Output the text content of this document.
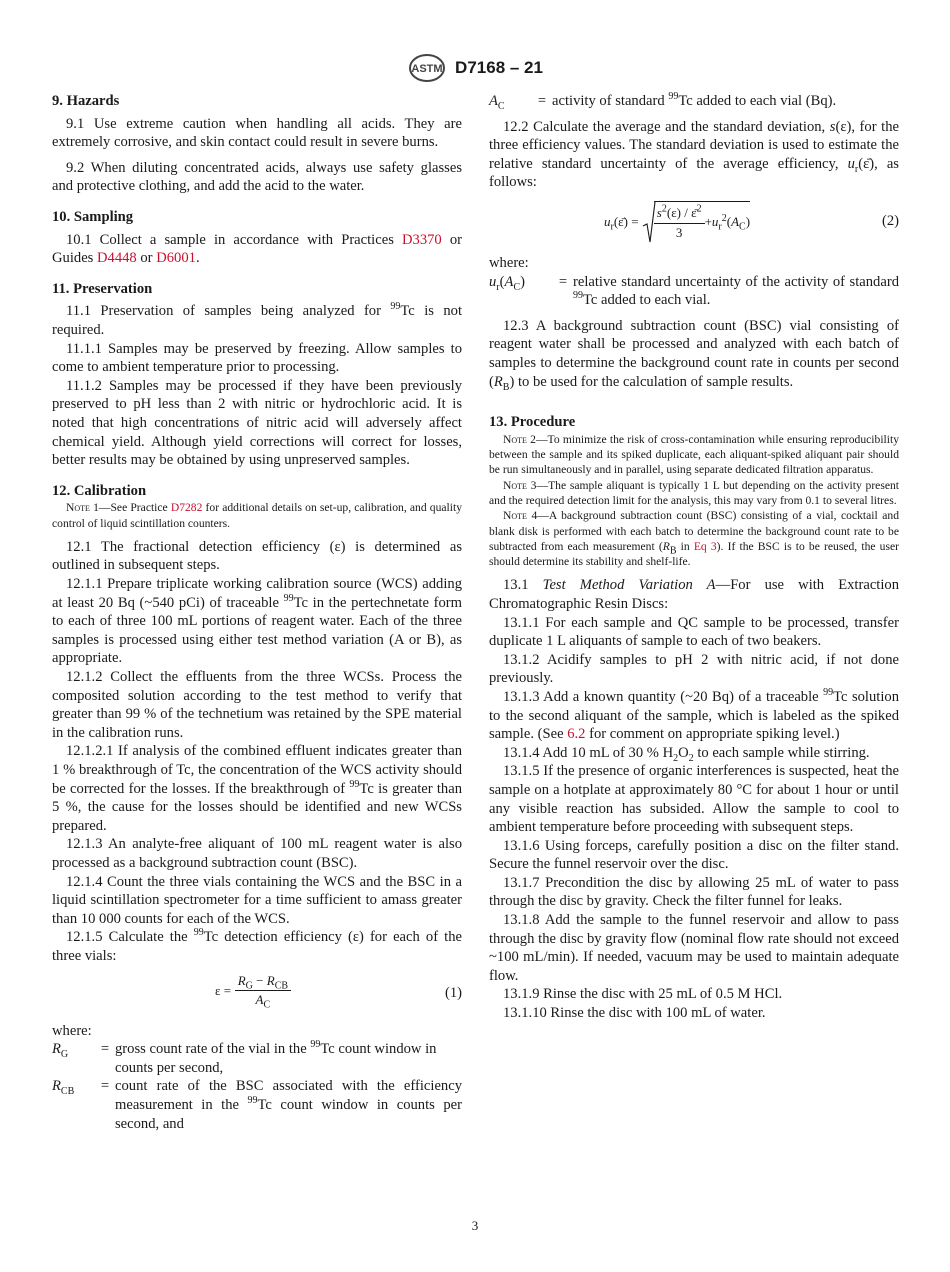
ASTM D7168 – 21

9. Hazards

9.1 Use extreme caution when handling all acids. They are extremely corrosive, and skin contact could result in severe burns.

9.2 When diluting concentrated acids, always use safety glasses and protective clothing, and add the acid to the water.

10. Sampling

10.1 Collect a sample in accordance with Practices D3370 or Guides D4448 or D6001.

11. Preservation

11.1 Preservation of samples being analyzed for $^{99}$Tc is not required.

11.1.1 Samples may be preserved by freezing. Allow samples to come to ambient temperature prior to processing.

11.1.2 Samples may be processed if they have been previously preserved to pH less than 2 with nitric or hydrochloric acid. It is noted that high concentrations of nitric acid will adversely affect chemical yield. Although yield corrections will correct for losses, better results may be obtained by using unpreserved samples.

12. Calibration

Note 1—See Practice D7282 for additional details on set-up, calibration, and quality control of liquid scintillation counters.

12.1 The fractional detection efficiency (ε) is determined as outlined in subsequent steps.

12.1.1 Prepare triplicate working calibration source (WCS) adding at least 20 Bq (~540 pCi) of traceable $^{99}$Tc in the pertechnetate form to each of three 100 mL portions of reagent water. Each of the three samples is processed using either test method variation (A or B), as appropriate.

12.1.2 Collect the effluents from the three WCSs. Process the composited solution according to the test method to verify that greater than 99 % of the technetium was retained by the SPE material in the calibration runs.

12.1.2.1 If analysis of the combined effluent indicates greater than 1 % breakthrough of Tc, the concentration of the WCS activity should be corrected for the losses. If the breakthrough of $^{99}$Tc is greater than 5 %, the cause for the losses should be identified and new WCSs prepared.

12.1.3 An analyte-free aliquant of 100 mL reagent water is also processed as a background subtraction count (BSC).

12.1.4 Count the three vials containing the WCS and the BSC in a liquid scintillation spectrometer for a time sufficient to amass greater than 10 000 counts for each of the WCS.

12.1.5 Calculate the $^{99}$Tc detection efficiency (ε) for each of the three vials:

$\varepsilon = \frac{R_G - R_{CB}}{A_C}$	(1)

where:

$R_G$	=	gross count rate of the vial in the $^{99}$Tc count window in counts per second,
$R_{CB}$	=	count rate of the BSC associated with the efficiency measurement in the $^{99}$Tc count window in counts per second, and
$A_C$	=	activity of standard $^{99}$Tc added to each vial (Bq).

12.2 Calculate the average and the standard deviation, s(ε), for the three efficiency values. The standard deviation is used to estimate the relative standard uncertainty of the average efficiency, $u_r(\varepsilon̄)$, as follows:

$u_r(\varepsilon̄) = \frac{s^2(\varepsilon) / \varepsilon̄^2}{3} +u_r^2(A_C)$	(2)

where:

$u_r(A_C)$	=	relative standard uncertainty of the activity of standard $^{99}$Tc added to each vial.

12.3 A background subtraction count (BSC) vial consisting of reagent water shall be processed and analyzed with each batch of samples to determine the background count rate in counts per second $(R_B)$ to be used for the calculation of sample results.

13. Procedure

Note 2—To minimize the risk of cross-contamination while ensuring reproducibility between the sample and its spiked duplicate, each aliquant-spiked aliquant pair should be run simultaneously and in parallel, using separate dedicated filtration apparatus.

Note 3—The sample aliquant is typically 1 L but depending on the activity present and the required detection limit for the analysis, this may vary from 0.1 to several litres.

Note 4—A background subtraction count (BSC) consisting of a vial, cocktail and blank disk is performed with each batch to determine the background count rate to be subtracted from each measurement ($R_B$ in Eq 3). If the BSC is to be reused, the user should determine its stability and shelf-life.

13.1 Test Method Variation A—For use with Extraction Chromatographic Resin Discs:

13.1.1 For each sample and QC sample to be processed, transfer duplicate 1 L aliquants of sample to each of two beakers.

13.1.2 Acidify samples to pH 2 with nitric acid, if not done previously.

13.1.3 Add a known quantity (~20 Bq) of a traceable $^{99}$Tc solution to the second aliquant of the sample, which is labeled as the spiked sample. (See 6.2 for comment on appropriate spiking level.)

13.1.4 Add 10 mL of 30 % $H_2O_2$ to each sample while stirring.

13.1.5 If the presence of organic interferences is suspected, heat the sample on a hotplate at approximately 80 °C for about 1 hour or until any visible reaction has subsided. Allow the sample to cool to ambient temperature before proceeding with subsequent steps.

13.1.6 Using forceps, carefully position a disc on the filter stand. Secure the funnel reservoir over the disc.

13.1.7 Precondition the disc by allowing 25 mL of water to pass through the disc by gravity. Check the filter funnel for leaks.

13.1.8 Add the sample to the funnel reservoir and allow to pass through the disc by gravity flow (nominal flow rate should not exceed ~100 mL/min). If needed, vacuum may be used to maintain adequate flow.

13.1.9 Rinse the disc with 25 mL of 0.5 M HCl.

13.1.10 Rinse the disc with 100 mL of water.

3
